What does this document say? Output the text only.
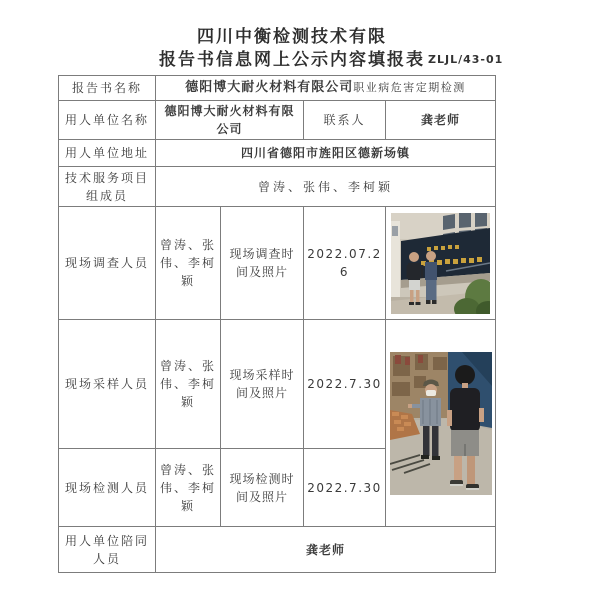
四川中衡检测技术有限
报告书信息网上公示内容填报表 ZLJL/43-01
报告书名称	德阳博大耐火材料有限公司职业病危害定期检测			
用人单位名称	德阳博大耐火材料有限公司		联系人	龚老师
用人单位地址	四川省德阳市旌阳区德新场镇			
技术服务项目组成员	曾涛、张伟、李柯颖			
现场调查人员	曾涛、张伟、李柯颖	现场调查时间及照片	2022.07.26	

现场采样人员	曾涛、张伟、李柯颖	现场采样时间及照片	2022.7.30	

现场检测人员	曾涛、张伟、李柯颖	现场检测时间及照片	2022.7.30	
用人单位陪同人员	龚老师			
